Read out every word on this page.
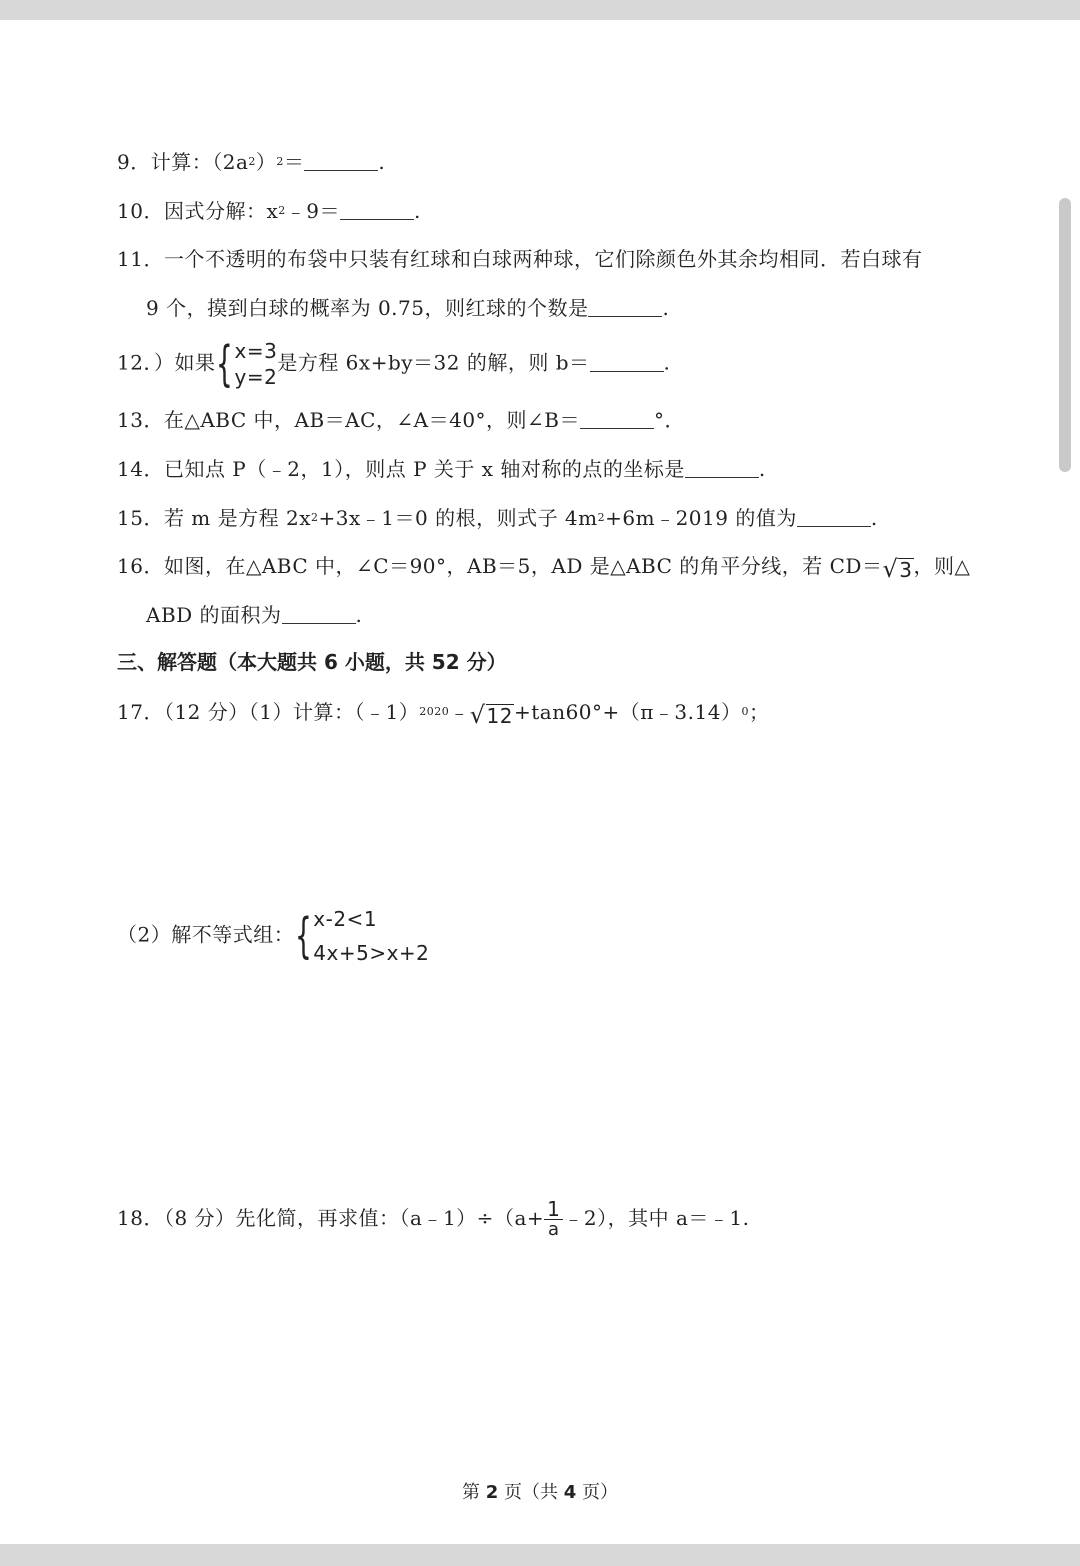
9．计算：$(2a^2)^2=$	.
10．因式分解：$x^2﹣9=$	.
11．一个不透明的布袋中只装有红球和白球两种球，它们除颜色外其余均相同．若白球有
9 个，摸到白球的概率为 0.75，则红球的个数是	.
12．）如果 { x=3
y=2
是方程 6x+by＝32 的解，则 b＝	.
13．在△ABC 中，AB＝AC，∠A＝40°，则∠B＝	°．
14．已知点 P（﹣2，1），则点 P 关于 x 轴对称的点的坐标是	.
15．若 m 是方程 $2x^2+3x﹣1=0$ 的根，则式子 $4m^2+6m﹣2019$ 的值为	.
16．如图，在△ABC 中，∠C＝90°，AB＝5，AD 是△ABC 的角平分线，若 CD＝ √ 3 ，则△
ABD 的面积为	.
三、解答题（本大题共 6 小题，共 52 分）
17．（12 分）（1）计算：（﹣1）$^{2020}$﹣ √ 12 +tan60°+（π﹣3.14）$^0$；
（2）解不等式组： { x-2<1
4x+5>x+2
18．（8 分）先化简，再求值：（a﹣1）÷（a+ $\frac{1}{a}$ ﹣2），其中 a＝﹣1.
第 2 页（共 4 页）
